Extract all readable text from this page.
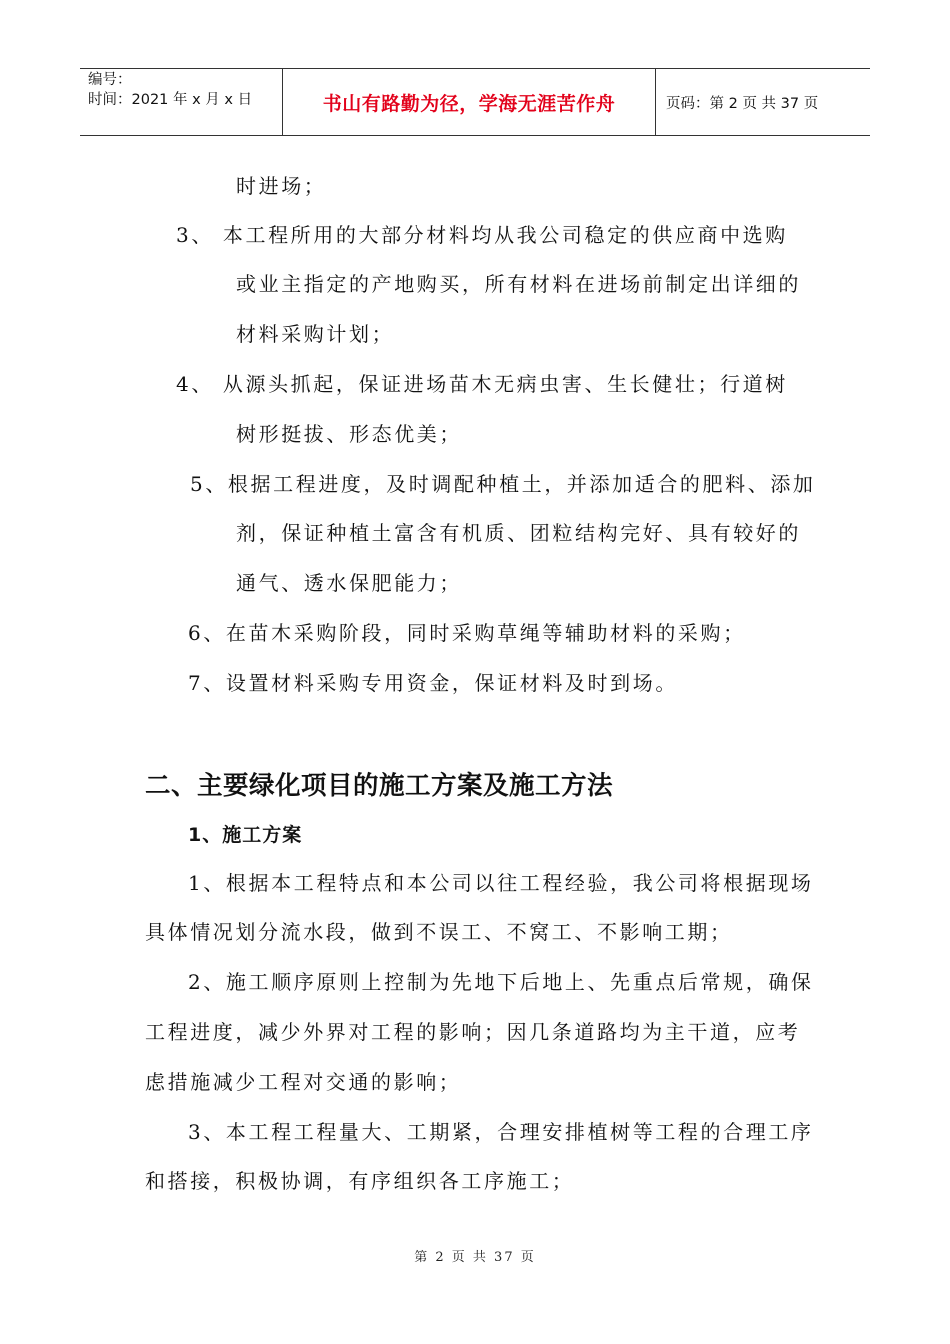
编号：
时间：2021 年 x 月 x 日	书山有路勤为径，学海无涯苦作舟	页码：第 2 页 共 37 页
时进场；
3、 本工程所用的大部分材料均从我公司稳定的供应商中选购
或业主指定的产地购买，所有材料在进场前制定出详细的
材料采购计划；
4、 从源头抓起，保证进场苗木无病虫害、生长健壮；行道树
树形挺拔、形态优美；
5、根据工程进度，及时调配种植土，并添加适合的肥料、添加
剂，保证种植土富含有机质、团粒结构完好、具有较好的
通气、透水保肥能力；
6、在苗木采购阶段，同时采购草绳等辅助材料的采购；
7、设置材料采购专用资金，保证材料及时到场。
二、主要绿化项目的施工方案及施工方法
1、施工方案
1、根据本工程特点和本公司以往工程经验，我公司将根据现场
具体情况划分流水段，做到不误工、不窝工、不影响工期；
2、施工顺序原则上控制为先地下后地上、先重点后常规，确保
工程进度，减少外界对工程的影响；因几条道路均为主干道，应考
虑措施减少工程对交通的影响；
3、本工程工程量大、工期紧，合理安排植树等工程的合理工序
和搭接，积极协调，有序组织各工序施工；
第 2 页 共 37 页
